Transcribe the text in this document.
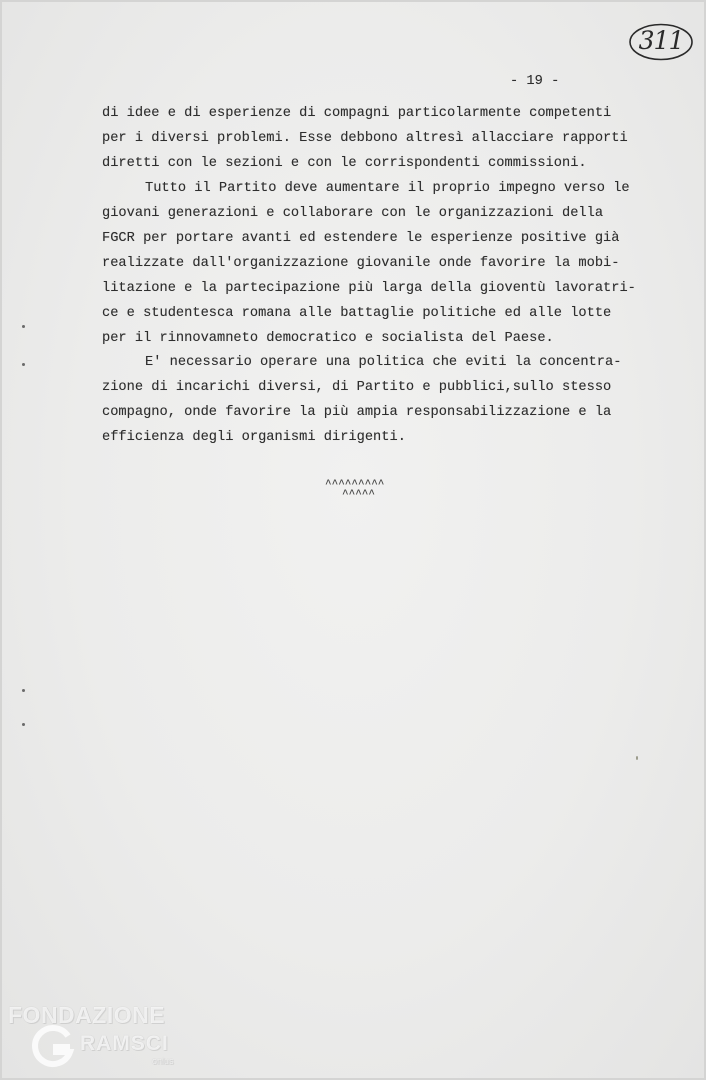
311
- 19 -
di idee e di esperienze di compagni particolarmente competenti
per i diversi problemi. Esse debbono altresì allacciare rapporti
diretti con le sezioni e con le corrispondenti commissioni.
Tutto il Partito deve aumentare il proprio impegno verso le
giovani generazioni e collaborare con le organizzazioni della
FGCR per portare avanti ed estendere le esperienze positive già
realizzate dall'organizzazione giovanile onde favorire la mobi-
litazione e la partecipazione più larga della gioventù lavoratri-
ce e studentesca romana alle battaglie politiche ed alle lotte
per il rinnovamneto democratico e socialista del Paese.
E' necessario operare una politica che eviti la concentra-
zione di incarichi diversi, di Partito e pubblici,sullo stesso
compagno, onde favorire la più ampia responsabilizzazione e la
efficienza degli organismi dirigenti.
^^^^^^^^^
^^^^^
FONDAZIONE
RAMSCI
onlus
